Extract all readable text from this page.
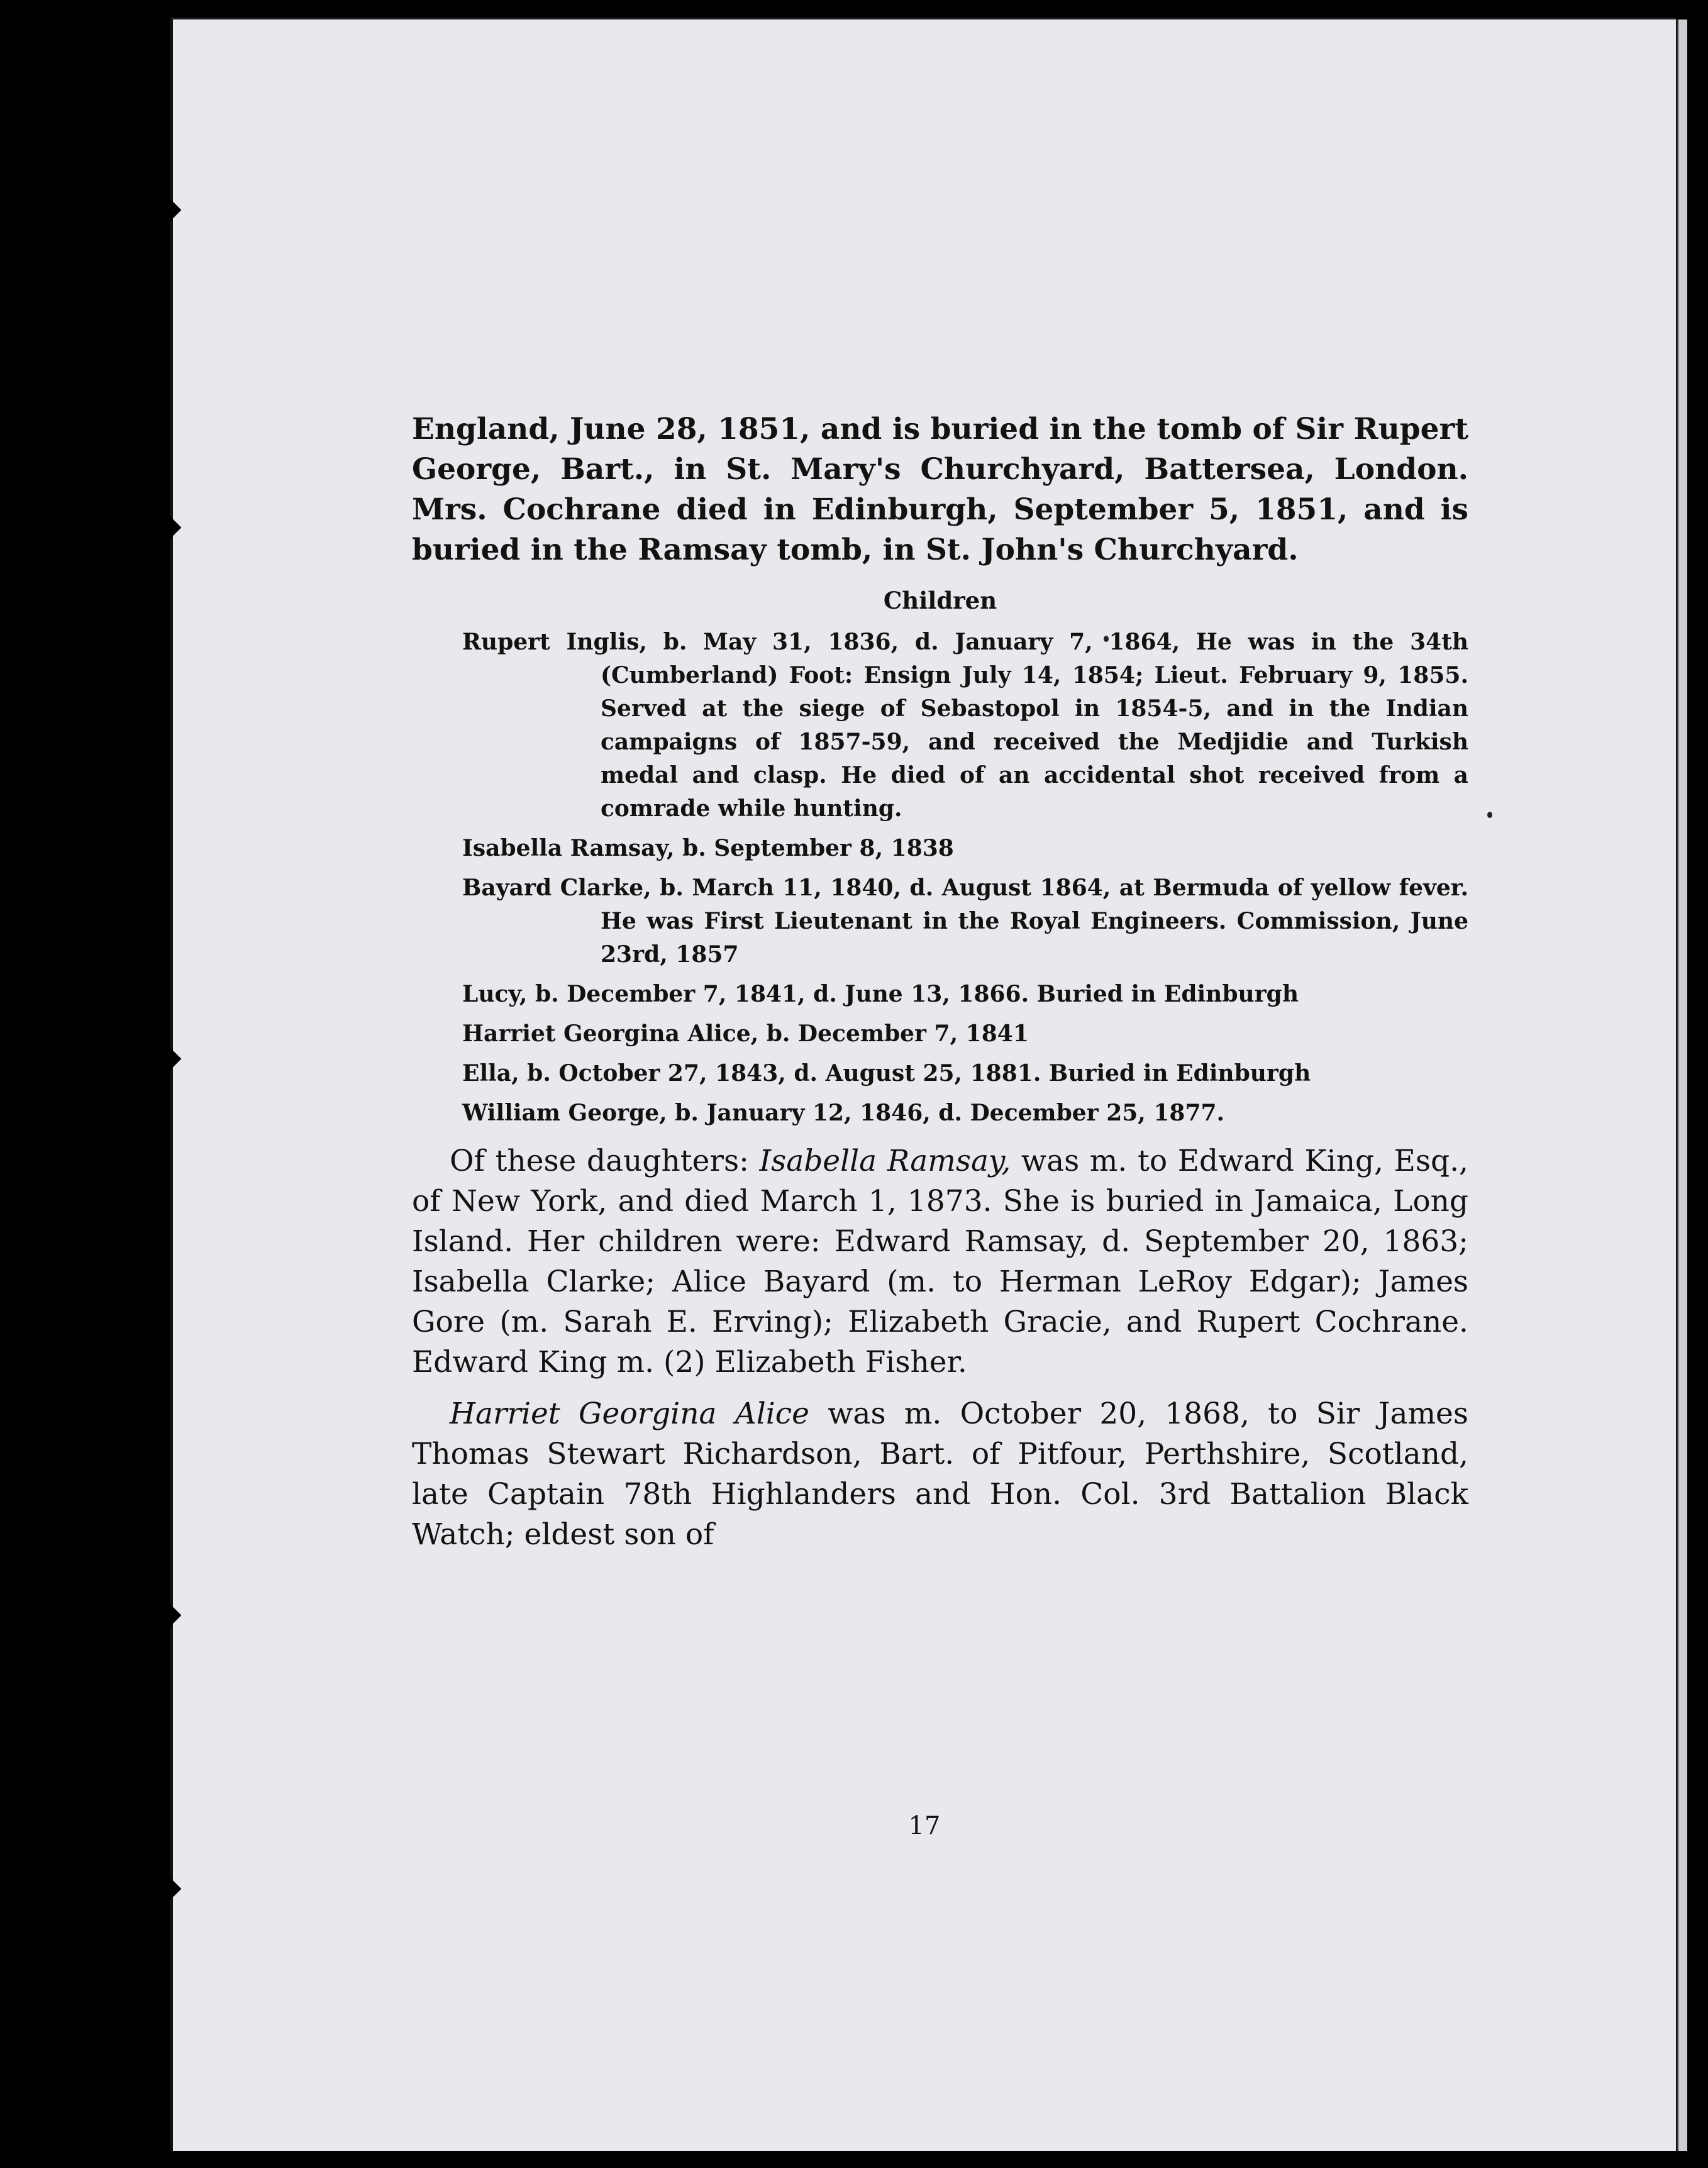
England, June 28, 1851, and is buried in the tomb of Sir Rupert George, Bart., in St. Mary's Churchyard, Battersea, London. Mrs. Cochrane died in Edinburgh, September 5, 1851, and is buried in the Ramsay tomb, in St. John's Churchyard.

Children

Rupert Inglis, b. May 31, 1836, d. January 7, 1864, He was in the 34th (Cumberland) Foot: Ensign July 14, 1854; Lieut. February 9, 1855. Served at the siege of Sebastopol in 1854-5, and in the Indian campaigns of 1857-59, and received the Medjidie and Turkish medal and clasp. He died of an accidental shot received from a comrade while hunting.

Isabella Ramsay, b. September 8, 1838

Bayard Clarke, b. March 11, 1840, d. August 1864, at Bermuda of yellow fever. He was First Lieutenant in the Royal Engineers. Commission, June 23rd, 1857

Lucy, b. December 7, 1841, d. June 13, 1866. Buried in Edinburgh

Harriet Georgina Alice, b. December 7, 1841

Ella, b. October 27, 1843, d. August 25, 1881. Buried in Edinburgh

William George, b. January 12, 1846, d. December 25, 1877.

Of these daughters: Isabella Ramsay, was m. to Edward King, Esq., of New York, and died March 1, 1873. She is buried in Jamaica, Long Island. Her children were: Edward Ramsay, d. September 20, 1863; Isabella Clarke; Alice Bayard (m. to Herman LeRoy Edgar); James Gore (m. Sarah E. Erving); Elizabeth Gracie, and Rupert Cochrane. Edward King m. (2) Elizabeth Fisher.

Harriet Georgina Alice was m. October 20, 1868, to Sir James Thomas Stewart Richardson, Bart. of Pitfour, Perthshire, Scotland, late Captain 78th Highlanders and Hon. Col. 3rd Battalion Black Watch; eldest son of

17
